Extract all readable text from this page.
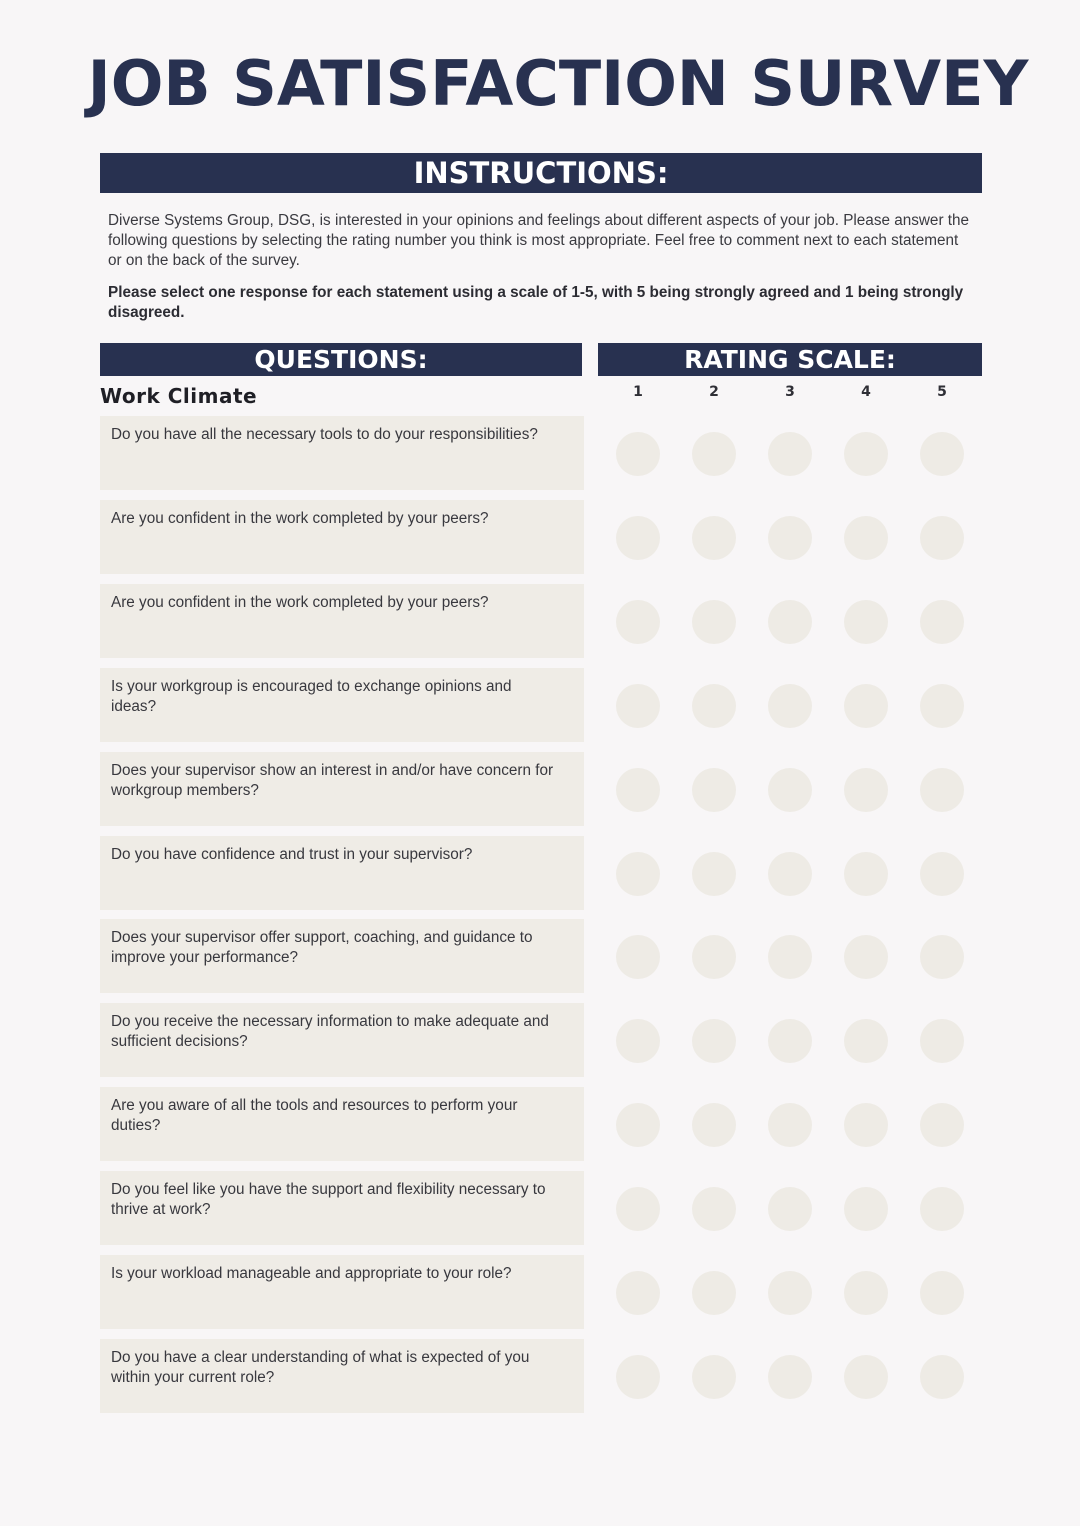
JOB SATISFACTION SURVEY
INSTRUCTIONS:

Diverse Systems Group, DSG, is interested in your opinions and feelings about different aspects of your job. Please answer the following questions by selecting the rating number you think is most appropriate. Feel free to comment next to each statement or on the back of the survey.

Please select one response for each statement using a scale of 1-5, with 5 being strongly agreed and 1 being strongly disagreed.

QUESTIONS:	RATING SCALE:
Work Climate	1	2	3	4	5
Do you have all the necessary tools to do your responsibilities?
Are you confident in the work completed by your peers?
Are you confident in the work completed by your peers?
Is your workgroup is encouraged to exchange opinions and ideas?
Does your supervisor show an interest in and/or have concern for workgroup members?
Do you have confidence and trust in your supervisor?
Does your supervisor offer support, coaching, and guidance to improve your performance?
Do you receive the necessary information to make adequate and sufficient decisions?
Are you aware of all the tools and resources to perform your duties?
Do you feel like you have the support and flexibility necessary to thrive at work?
Is your workload manageable and appropriate to your role?
Do you have a clear understanding of what is expected of you within your current role?
